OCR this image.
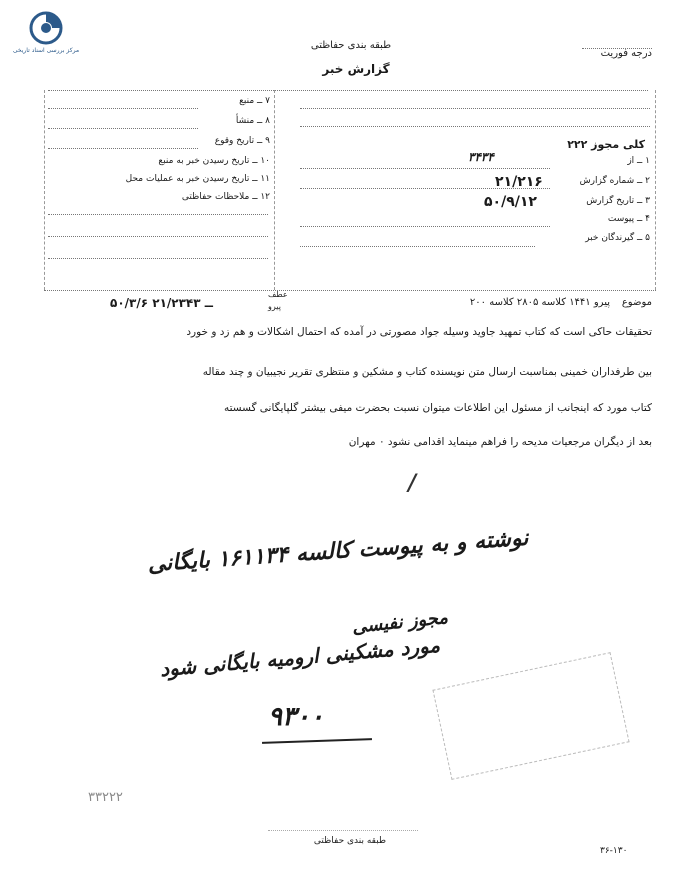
مرکز بررسی اسناد تاریخی	طبقه بندی حفاظتی
گزارش خبر
درجه فوریت
۷ ــ منبع
۸ ــ منشأ
۹ ــ تاریخ وقوع
۱۰ ــ تاریخ رسیدن خبر به منبع
۱۱ ــ تاریخ رسیدن خبر به عملیات محل
۱۲ ــ ملاحظات حفاظتی
۱ ــ از
۲ ــ شماره گزارش
۳ ــ تاریخ گزارش
۴ ــ پیوست
۵ ــ گیرندگان خبر
کلی مجوز ۲۲۲
۳۴۳۴
۲۱/۲۱۶
۵۰/۹/۱۲
موضوع
پیرو ۱۴۴۱ کلاسه ۲۸۰۵ کلاسه ۲۰۰
عطف
پیرو
۵۰/۳/۶ ــ ۲۱/۲۳۴۳
تحقیقات حاکی است که کتاب تمهید جاوید وسیله جواد مصورتی در آمده که احتمال اشکالات و هم زد و خورد
بین طرفداران خمینی بمناسبت ارسال متن نویسنده کتاب و مشکین و منتظری تقریر نجیبیان و چند مقاله
کتاب مورد که اینجانب از مسئول این اطلاعات میتوان نسبت بحضرت میفی بیشتر گلپایگانی گسسته
بعد از دیگران مرجعیات مدیحه را فراهم مینماید اقدامی نشود ۰ مهران
/
نوشته و به پیوست کالسه ۱۶۱۱۳۴ بایگانی
مجوز نفیسی
مورد مشکینی ارومیه بایگانی شود
۹۳۰۰
۳۳۲۲۲
طبقه بندی حفاظتی
۳۶-۱۳۰
